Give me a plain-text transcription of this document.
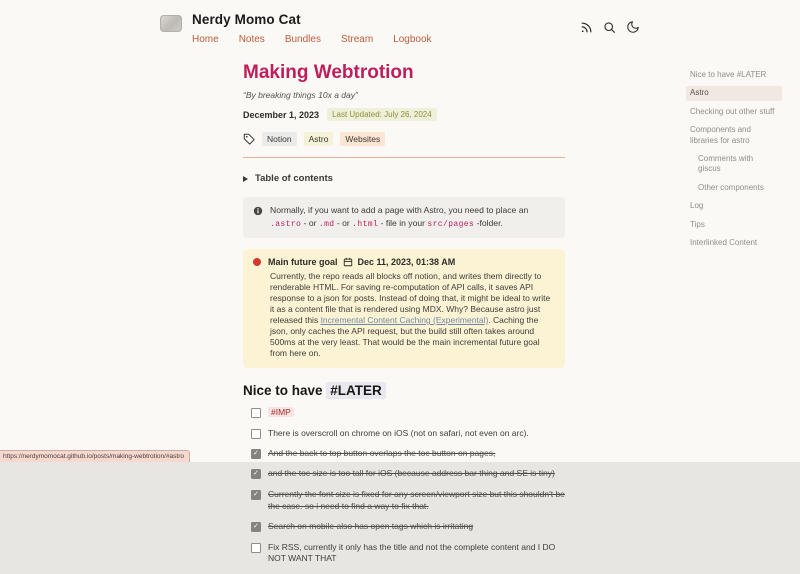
Nerdy Momo Cat
Home Notes Bundles Stream Logbook
Making Webtrotion
“By breaking things 10x a day”
December 1, 2023	Last Updated: July 26, 2024
Notion	Astro	Websites
Table of contents
Normally, if you want to add a page with Astro, you need to place an .astro - or .md - or .html - file in your src/pages -folder.
Main future goal Dec 11, 2023, 01:38 AM
Currently, the repo reads all blocks off notion, and writes them directly to renderable HTML. For saving re-computation of API calls, it saves API response to a json for posts. Instead of doing that, it might be ideal to write it as a content file that is rendered using MDX. Why? Because astro just released this Incremental Content Caching (Experimental). Caching the json, only caches the API request, but the build still often takes around 500ms at the very least. That would be the main incremental future goal from here on.
Nice to have #LATER
#IMP
There is overscroll on chrome on iOS (not on safari, not even on arc).
✓
And the back to top button overlaps the toc button on pages,
✓
and the toc size is too tall for iOS (because address bar thing and SE is tiny)
✓
Currently the font size is fixed for any screen/viewport size but this shouldn't be the case. so i need to find a way to fix that.
✓
Search on mobile also has open tags which is irritating
Fix RSS, currently it only has the title and not the complete content and I DO NOT WANT THAT
Nice to have #LATER
Astro
Checking out other stuff
Components and libraries for astro
Comments with giscus
Other components
Log
Tips
Interlinked Content
https://nerdymomocat.github.io/posts/making-webtrotion/#astro
